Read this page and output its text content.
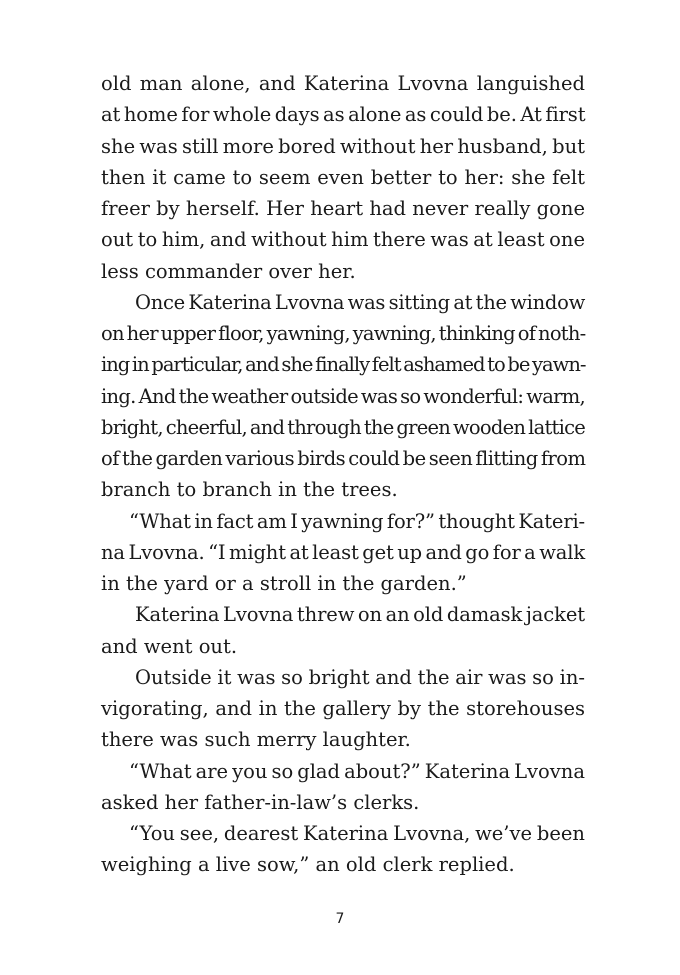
old man alone, and Katerina Lvovna languished
at home for whole days as alone as could be. At first
she was still more bored without her husband, but
then it came to seem even better to her: she felt
freer by herself. Her heart had never really gone
out to him, and without him there was at least one
less commander over her.
Once Katerina Lvovna was sitting at the window
on her upper floor, yawning, yawning, thinking of noth-
ing in particular, and she finally felt ashamed to be yawn-
ing. And the weather outside was so wonderful: warm,
bright, cheerful, and through the green wooden lattice
of the garden various birds could be seen flitting from
branch to branch in the trees.
“What in fact am I yawning for?” thought Kateri-
na Lvovna. “I might at least get up and go for a walk
in the yard or a stroll in the garden.”
Katerina Lvovna threw on an old damask jacket
and went out.
Outside it was so bright and the air was so in-
vigorating, and in the gallery by the storehouses
there was such merry laughter.
“What are you so glad about?” Katerina Lvovna
asked her father-in-law’s clerks.
“You see, dearest Katerina Lvovna, we’ve been
weighing a live sow,” an old clerk replied.
7
